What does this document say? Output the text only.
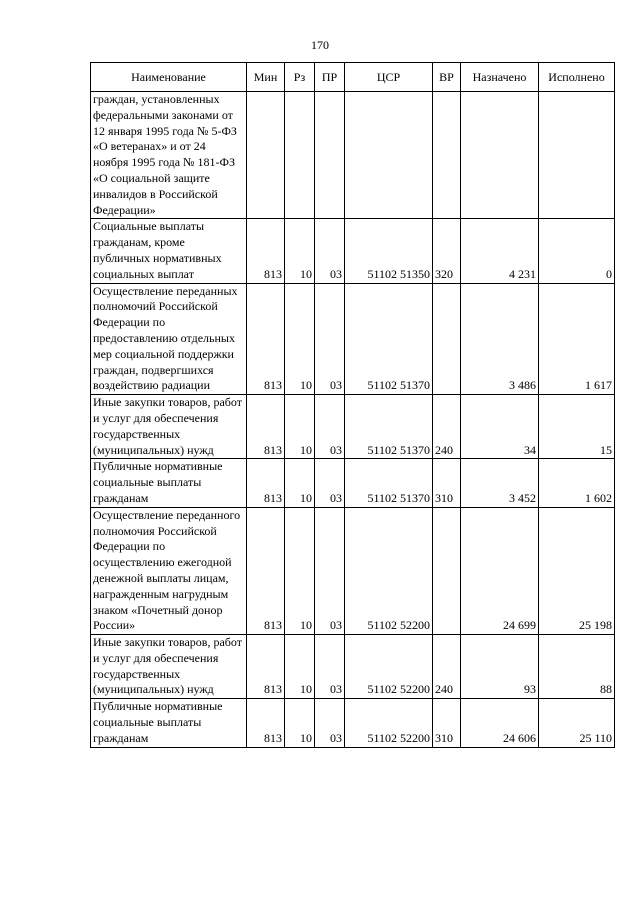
170
Наименование	Мин	Рз	ПР	ЦСР	ВР	Назначено	Исполнено
граждан, установленных федеральными законами от 12 января 1995 года № 5-ФЗ «О ветеранах» и от 24 ноября 1995 года № 181-ФЗ «О социальной защите инвалидов в Российской Федерации»							
Социальные выплаты гражданам, кроме публичных нормативных социальных выплат	813	10	03	51102 51350	320	4 231	0
Осуществление переданных полномочий Российской Федерации по предоставлению отдельных мер социальной поддержки граждан, подвергшихся воздействию радиации	813	10	03	51102 51370		3 486	1 617
Иные закупки товаров, работ и услуг для обеспечения государственных (муниципальных) нужд	813	10	03	51102 51370	240	34	15
Публичные нормативные социальные выплаты гражданам	813	10	03	51102 51370	310	3 452	1 602
Осуществление переданного полномочия Российской Федерации по осуществлению ежегодной денежной выплаты лицам, награжденным нагрудным знаком «Почетный донор России»	813	10	03	51102 52200		24 699	25 198
Иные закупки товаров, работ и услуг для обеспечения государственных (муниципальных) нужд	813	10	03	51102 52200	240	93	88
Публичные нормативные социальные выплаты гражданам	813	10	03	51102 52200	310	24 606	25 110
